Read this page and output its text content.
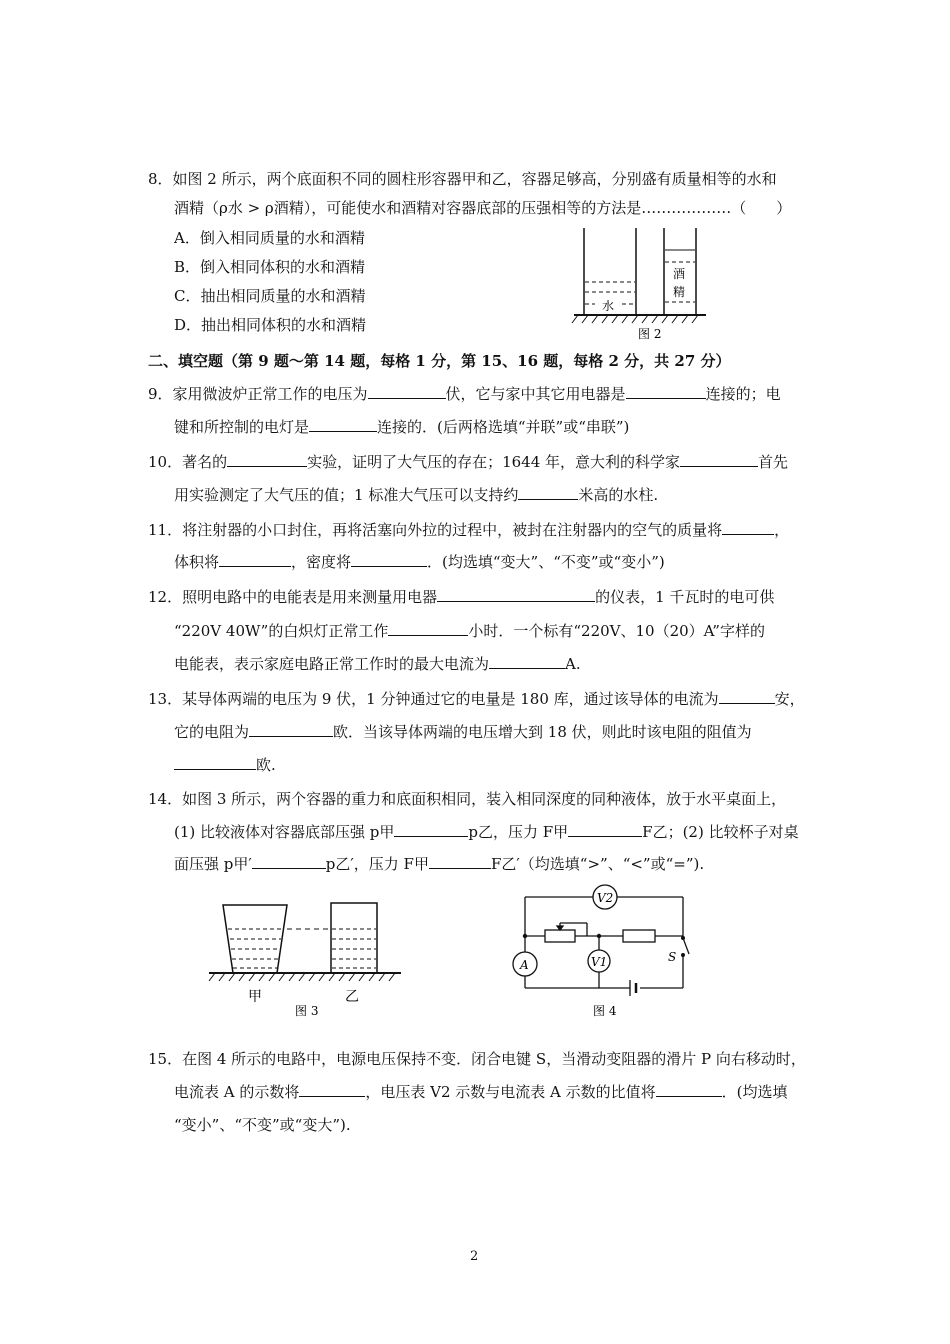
8．如图 2 所示，两个底面积不同的圆柱形容器甲和乙，容器足够高，分别盛有质量相等的水和
酒精（ρ水 > ρ酒精），可能使水和酒精对容器底部的压强相等的方法是………………（　　）
A．倒入相同质量的水和酒精
B．倒入相同体积的水和酒精
C．抽出相同质量的水和酒精
D．抽出相同体积的水和酒精
水
酒
精
图 2
二、填空题（第 9 题～第 14 题，每格 1 分，第 15、16 题，每格 2 分，共 27 分）
9．家用微波炉正常工作的电压为	伏，它与家中其它用电器是	连接的；电
键和所控制的电灯是	连接的．(后两格选填“并联”或“串联”)
10．著名的	实验，证明了大气压的存在；1644 年，意大利的科学家	首先
用实验测定了大气压的值；1 标准大气压可以支持约	米高的水柱.
11．将注射器的小口封住，再将活塞向外拉的过程中，被封在注射器内的空气的质量将	，
体积将	，密度将	．(均选填“变大”、“不变”或“变小”)
12．照明电路中的电能表是用来测量用电器	的仪表，1 千瓦时的电可供
“220V 40W”的白炽灯正常工作	小时．一个标有“220V、10（20）A”字样的
电能表，表示家庭电路正常工作时的最大电流为	A.
13．某导体两端的电压为 9 伏，1 分钟通过它的电量是 180 库，通过该导体的电流为	安，
它的电阻为	欧．当该导体两端的电压增大到 18 伏，则此时该电阻的阻值为
欧.
14．如图 3 所示，两个容器的重力和底面积相同，装入相同深度的同种液体，放于水平桌面上，
(1) 比较液体对容器底部压强 p甲	p乙，压力 F甲	F乙；(2) 比较杯子对桌
面压强 p甲′	p乙′，压力 F甲	F乙′（均选填“>”、“<”或“=”).
甲	乙
图 3
V2
A	V1	S
图 4
15．在图 4 所示的电路中，电源电压保持不变．闭合电键 S，当滑动变阻器的滑片 P 向右移动时，
电流表 A 的示数将	，电压表 V2 示数与电流表 A 示数的比值将	．(均选填
“变小”、“不变”或“变大”).
2
